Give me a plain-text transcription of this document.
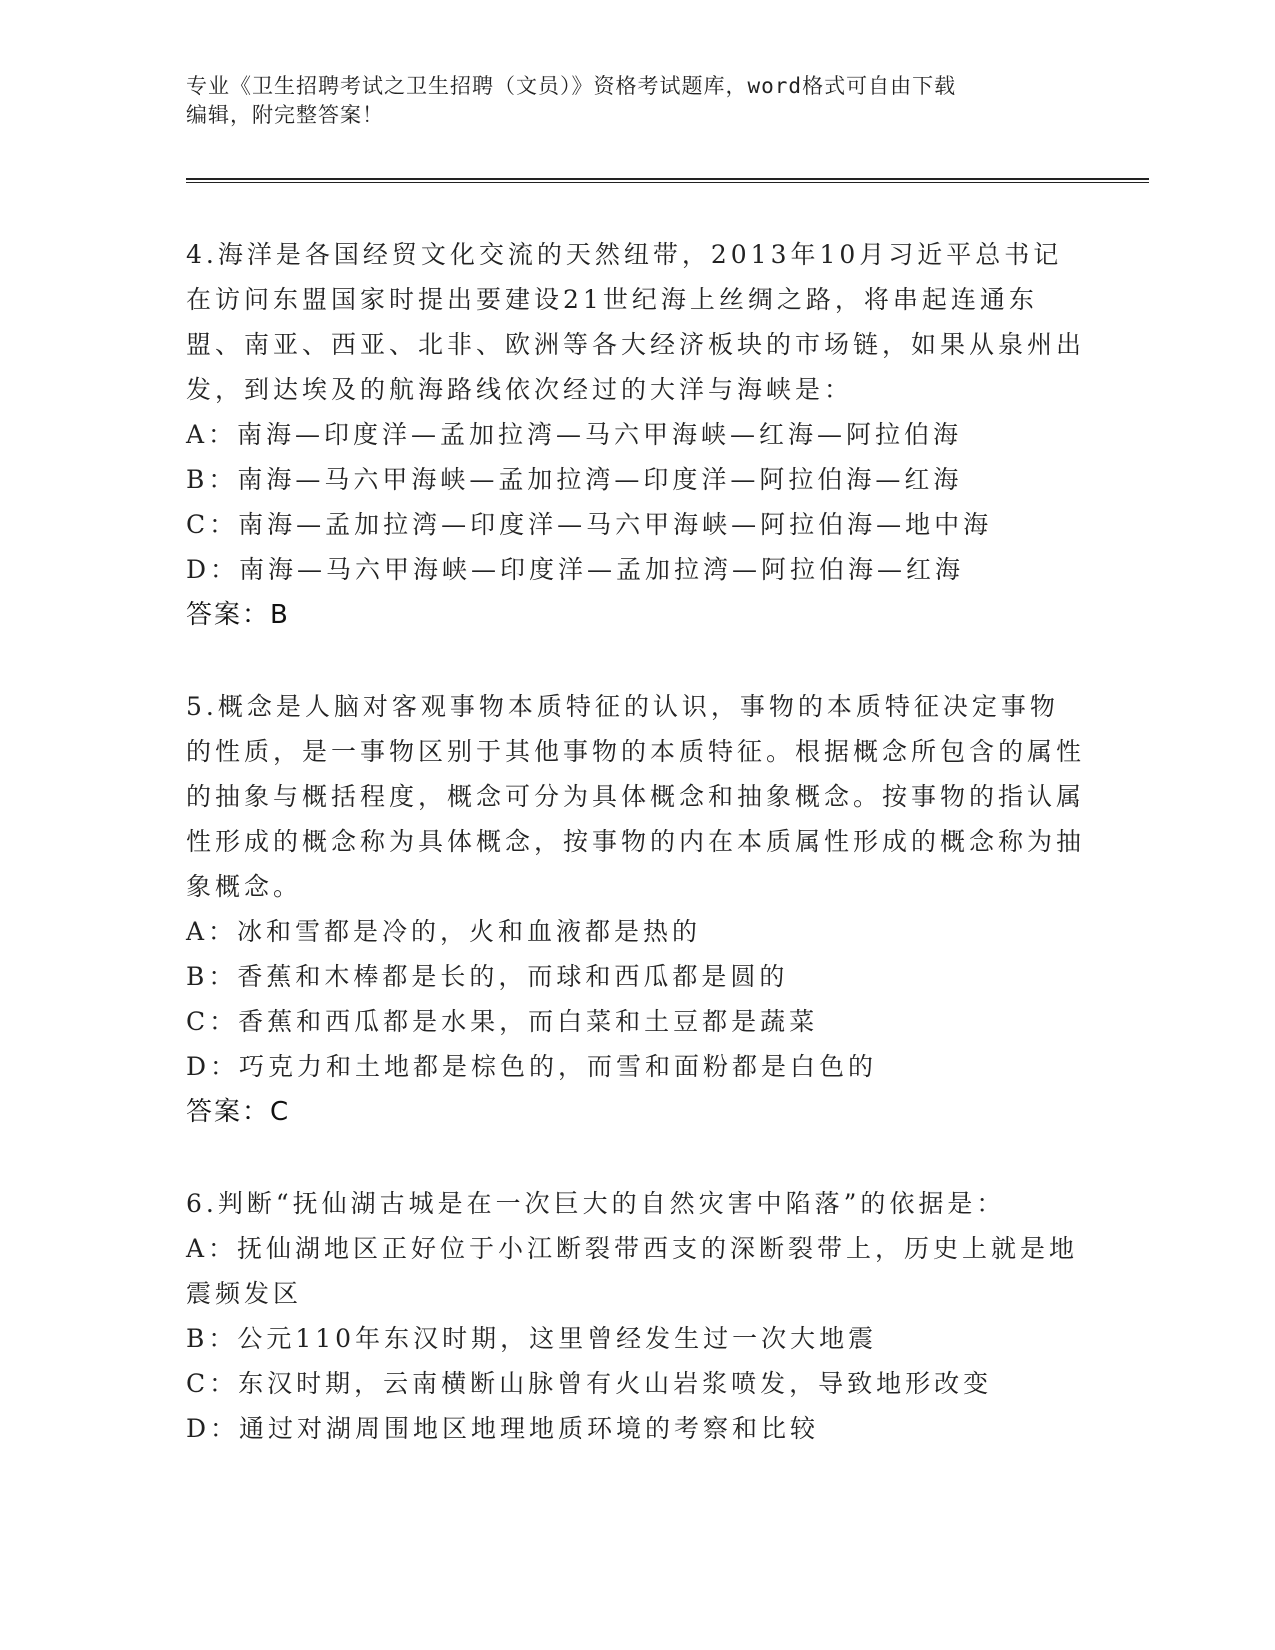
专业《卫生招聘考试之卫生招聘（文员）》资格考试题库，word格式可自由下载
编辑，附完整答案！

4.海洋是各国经贸文化交流的天然纽带，2013年10月习近平总书记在访问东盟国家时提出要建设21世纪海上丝绸之路，将串起连通东盟、南亚、西亚、北非、欧洲等各大经济板块的市场链，如果从泉州出发，到达埃及的航海路线依次经过的大洋与海峡是：

A：南海—印度洋—孟加拉湾—马六甲海峡—红海—阿拉伯海

B：南海—马六甲海峡—孟加拉湾—印度洋—阿拉伯海—红海

C：南海—孟加拉湾—印度洋—马六甲海峡—阿拉伯海—地中海

D：南海—马六甲海峡—印度洋—孟加拉湾—阿拉伯海—红海

答案：B

5.概念是人脑对客观事物本质特征的认识，事物的本质特征决定事物的性质，是一事物区别于其他事物的本质特征。根据概念所包含的属性的抽象与概括程度，概念可分为具体概念和抽象概念。按事物的指认属性形成的概念称为具体概念，按事物的内在本质属性形成的概念称为抽象概念。

A：冰和雪都是冷的，火和血液都是热的

B：香蕉和木棒都是长的，而球和西瓜都是圆的

C：香蕉和西瓜都是水果，而白菜和土豆都是蔬菜

D：巧克力和土地都是棕色的，而雪和面粉都是白色的

答案：C

6.判断“抚仙湖古城是在一次巨大的自然灾害中陷落”的依据是：

A：抚仙湖地区正好位于小江断裂带西支的深断裂带上，历史上就是地震频发区

B：公元110年东汉时期，这里曾经发生过一次大地震

C：东汉时期，云南横断山脉曾有火山岩浆喷发，导致地形改变

D：通过对湖周围地区地理地质环境的考察和比较
